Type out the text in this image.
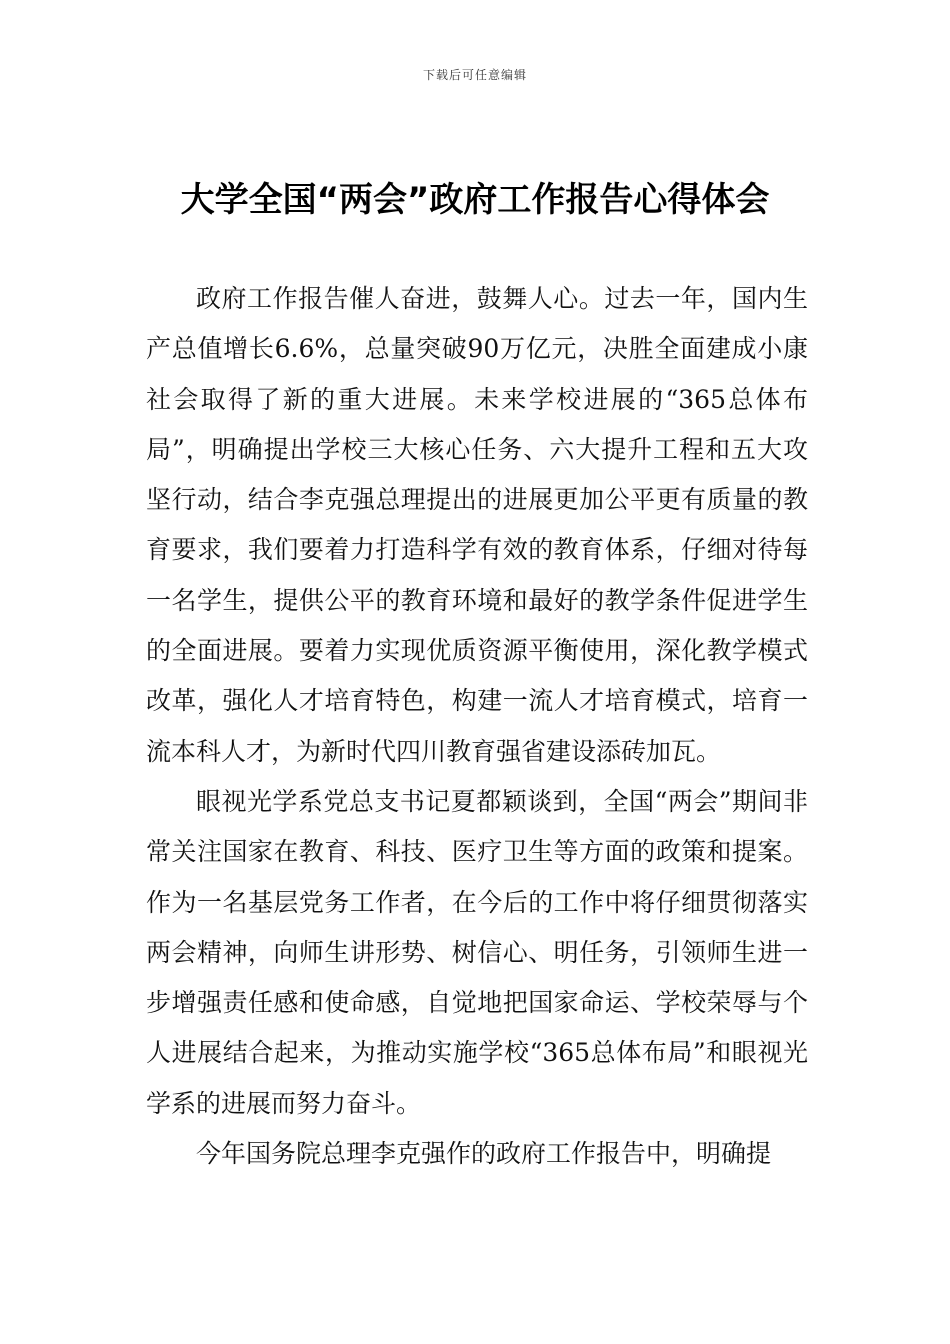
下载后可任意编辑
大学全国“两会”政府工作报告心得体会

政府工作报告催人奋进，鼓舞人心。过去一年，国内生产总值增长6.6%，总量突破90万亿元，决胜全面建成小康社会取得了新的重大进展。未来学校进展的“365总体布局”，明确提出学校三大核心任务、六大提升工程和五大攻坚行动，结合李克强总理提出的进展更加公平更有质量的教育要求，我们要着力打造科学有效的教育体系，仔细对待每一名学生，提供公平的教育环境和最好的教学条件促进学生的全面进展。要着力实现优质资源平衡使用，深化教学模式改革，强化人才培育特色，构建一流人才培育模式，培育一流本科人才，为新时代四川教育强省建设添砖加瓦。

眼视光学系党总支书记夏都颖谈到，全国“两会”期间非常关注国家在教育、科技、医疗卫生等方面的政策和提案。作为一名基层党务工作者，在今后的工作中将仔细贯彻落实两会精神，向师生讲形势、树信心、明任务，引领师生进一步增强责任感和使命感，自觉地把国家命运、学校荣辱与个人进展结合起来，为推动实施学校“365总体布局”和眼视光学系的进展而努力奋斗。

今年国务院总理李克强作的政府工作报告中，明确提
